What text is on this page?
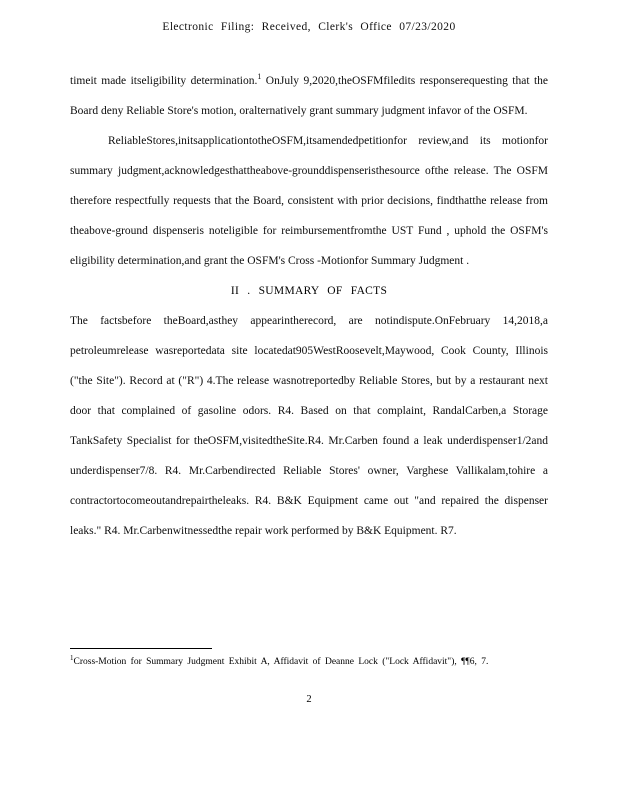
Electronic Filing: Received, Clerk's Office 07/23/2020

timeit made itseligibility determination.$^1$ OnJuly 9,2020,theOSFMfiledits responserequesting that the Board deny Reliable Store's motion, oralternatively grant summary judgment infavor of the OSFM.

ReliableStores,initsapplicationtotheOSFM,itsamendedpetitionfor review,and its motionfor summary judgment,acknowledgesthattheabove-grounddispenseristhesource ofthe release. The OSFM therefore respectfully requests that the Board, consistent with prior decisions, findthatthe release from theabove-ground dispenseris noteligible for reimbursementfromthe UST Fund , uphold the OSFM's eligibility determination,and grant the OSFM's Cross -Motionfor Summary Judgment .

II . SUMMARY OF FACTS

The factsbefore theBoard,asthey appearintherecord, are notindispute.OnFebruary 14,2018,a petroleumrelease wasreportedata site locatedat905WestRoosevelt,Maywood, Cook County, Illinois ("the Site"). Record at ("R") 4.The release wasnotreportedby Reliable Stores, but by a restaurant next door that complained of gasoline odors. R4. Based on that complaint, RandalCarben,a Storage TankSafety Specialist for theOSFM,visitedtheSite.R4. Mr.Carben found a leak underdispenser1/2and underdispenser7/8. R4. Mr.Carbendirected Reliable Stores' owner, Varghese Vallikalam,tohire a contractortocomeoutandrepairtheleaks. R4. B&K Equipment came out "and repaired the dispenser leaks." R4. Mr.Carbenwitnessedthe repair work performed by B&K Equipment. R7.

$^1$Cross-Motion for Summary Judgment Exhibit A, Affidavit of Deanne Lock ("Lock Affidavit"), ¶¶6, 7.

2
